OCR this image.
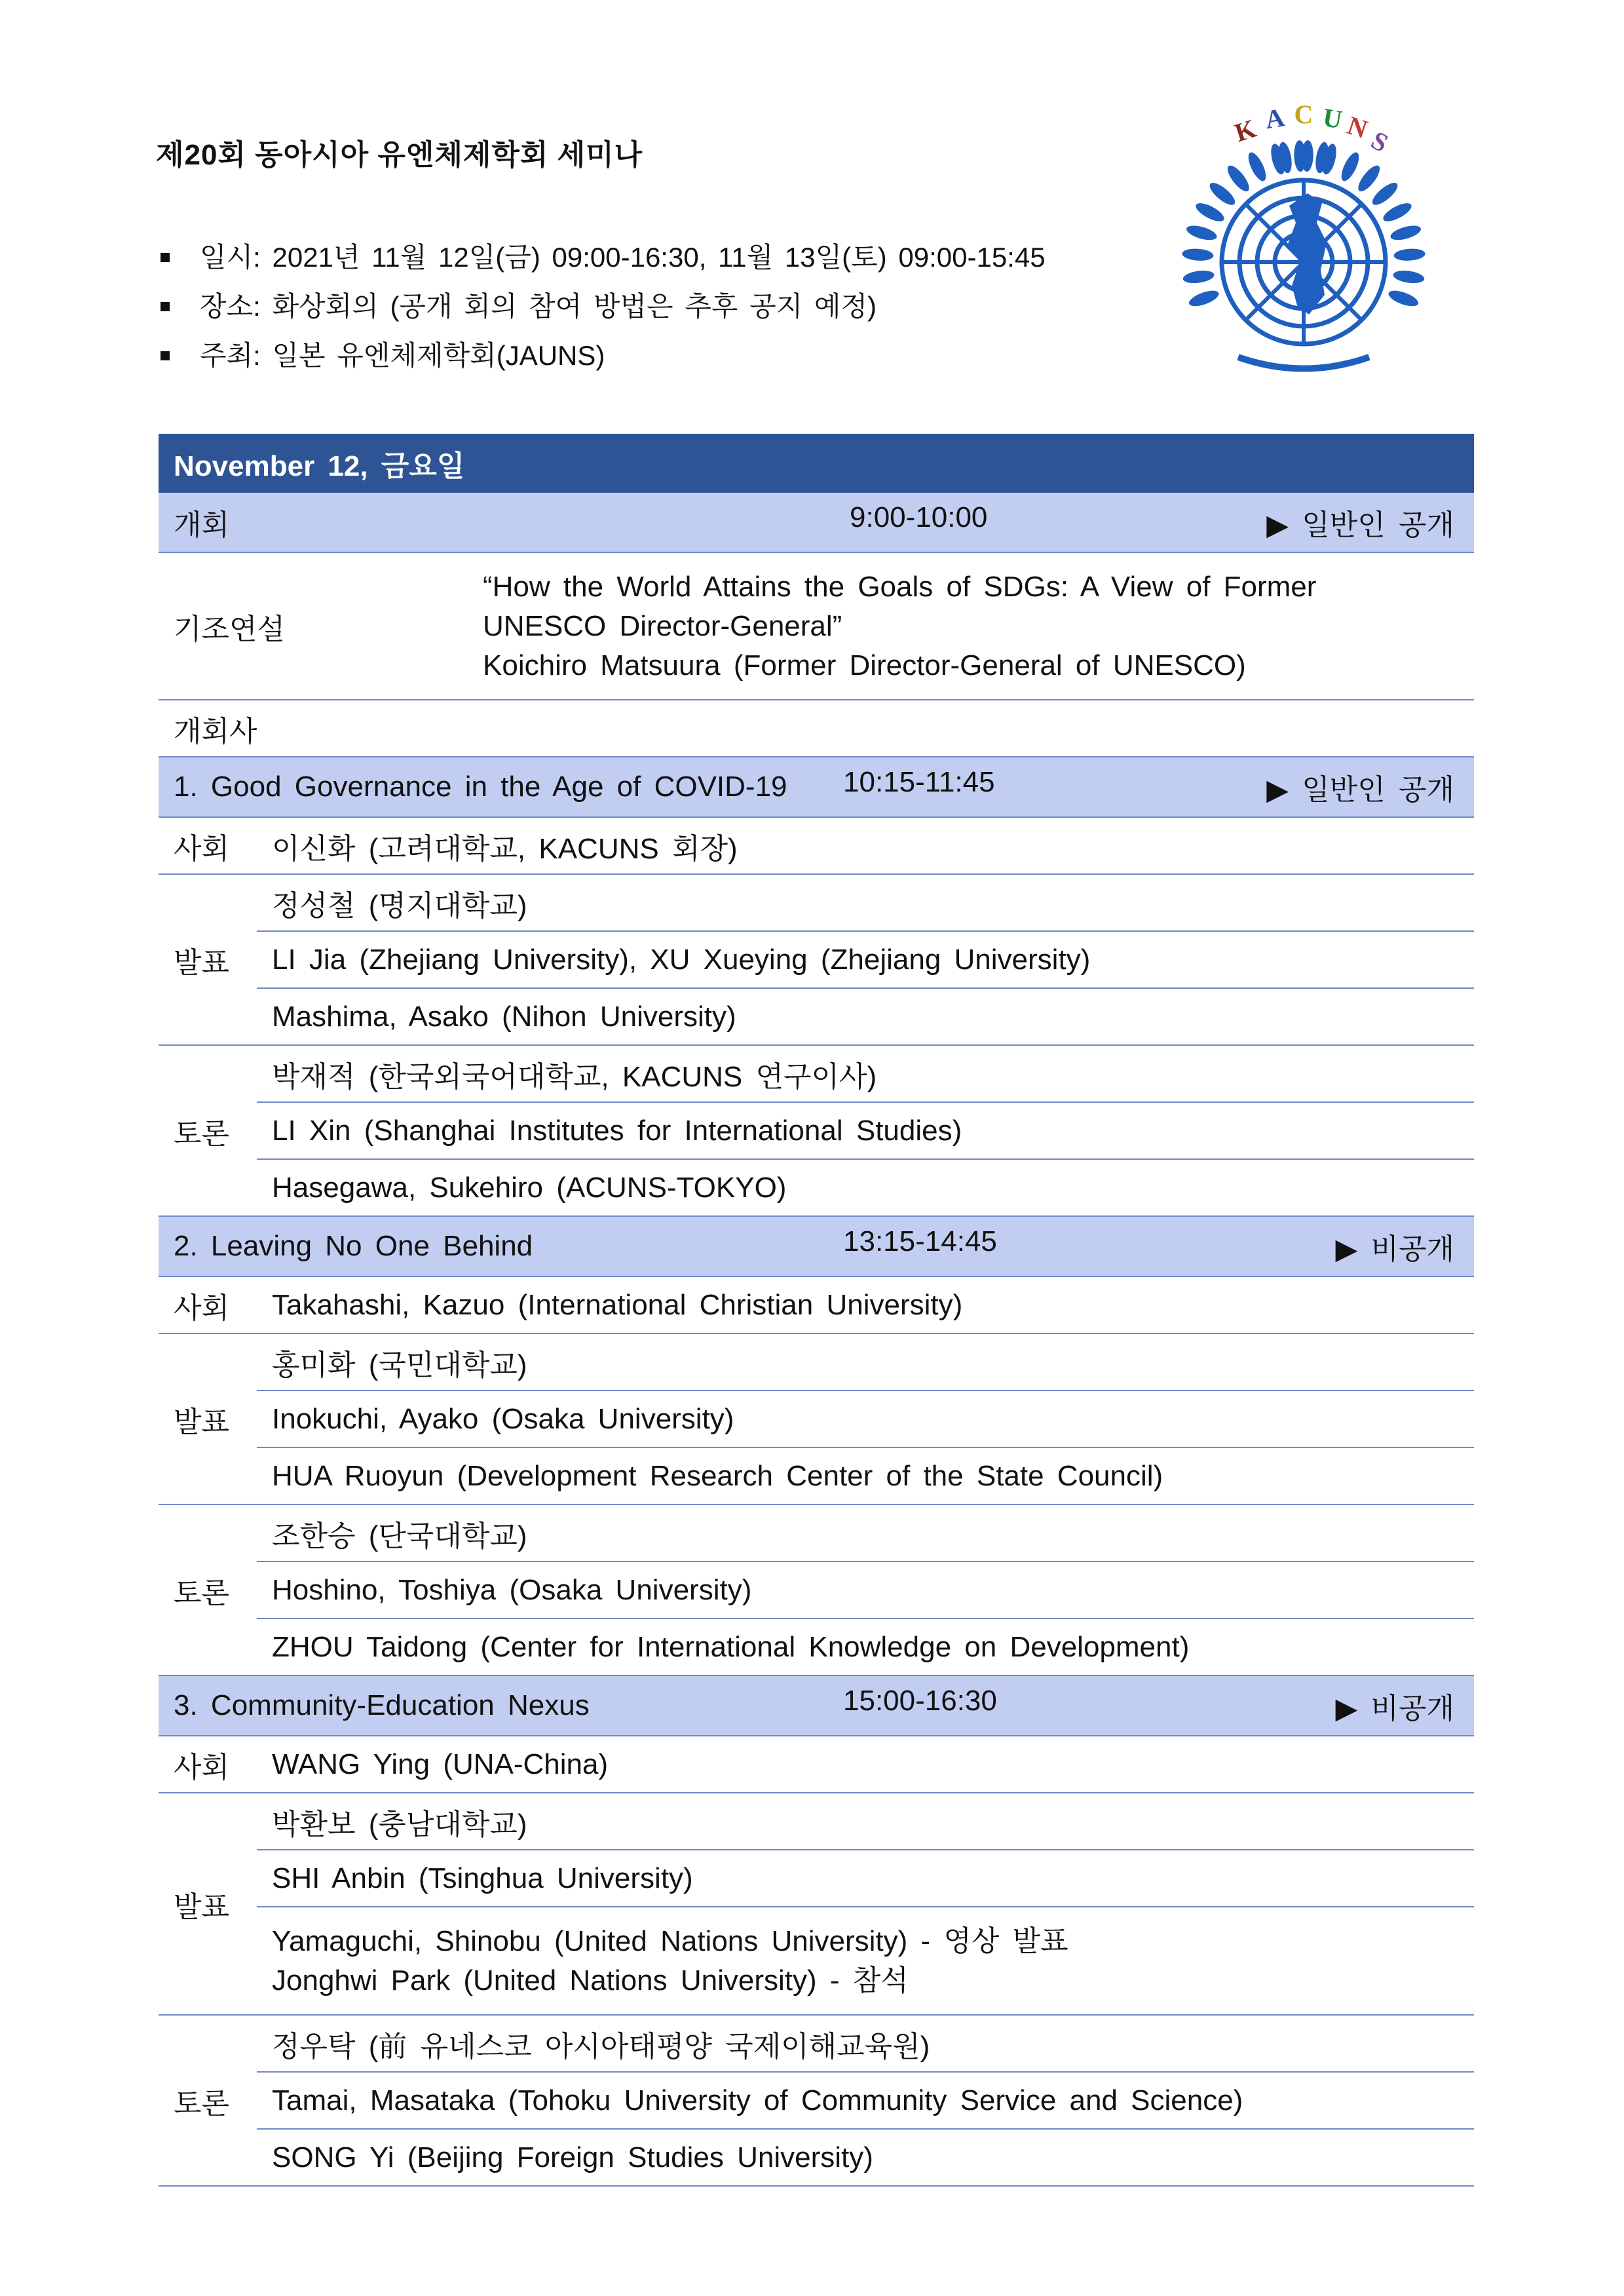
제20회 동아시아 유엔체제학회 세미나
일시: 2021년 11월 12일(금) 09:00-16:30, 11월 13일(토) 09:00-15:45
장소: 화상회의 (공개 회의 참여 방법은 추후 공지 예정)
주최: 일본 유엔체제학회(JAUNS)
K A C U N
S
November 12, 금요일			
개회			9:00-10:00 ▶ 일반인 공개

기조연설		“How the World Attains the Goals of SDGs: A View of Former
UNESCO Director-General”
Koichiro Matsuura (Former Director-General of UNESCO)	

개회사			
1. Good Governance in the Age of COVID-19			10:15-11:45 ▶ 일반인 공개

사회	이신화 (고려대학교, KACUNS 회장)		
발표	정성철 (명지대학교)		
	LI Jia (Zhejiang University), XU Xueying (Zhejiang University)		
	Mashima, Asako (Nihon University)		
토론	박재적 (한국외국어대학교, KACUNS 연구이사)		
	LI Xin (Shanghai Institutes for International Studies)		
	Hasegawa, Sukehiro (ACUNS-TOKYO)		
2. Leaving No One Behind			13:15-14:45 ▶ 비공개

사회	Takahashi, Kazuo (International Christian University)		
발표	홍미화 (국민대학교)		
	Inokuchi, Ayako (Osaka University)		
	HUA Ruoyun (Development Research Center of the State Council)		
토론	조한승 (단국대학교)		
	Hoshino, Toshiya (Osaka University)		
	ZHOU Taidong (Center for International Knowledge on Development)		
3. Community-Education Nexus			15:00-16:30 ▶ 비공개

사회	WANG Ying (UNA-China)		
발표	박환보 (충남대학교)		
	SHI Anbin (Tsinghua University)		

	Yamaguchi, Shinobu (United Nations University) - 영상 발표
Jonghwi Park (United Nations University) - 참석		

토론	정우탁 (前 유네스코 아시아태평양 국제이해교육원)		
	Tamai, Masataka (Tohoku University of Community Service and Science)		
	SONG Yi (Beijing Foreign Studies University)		
